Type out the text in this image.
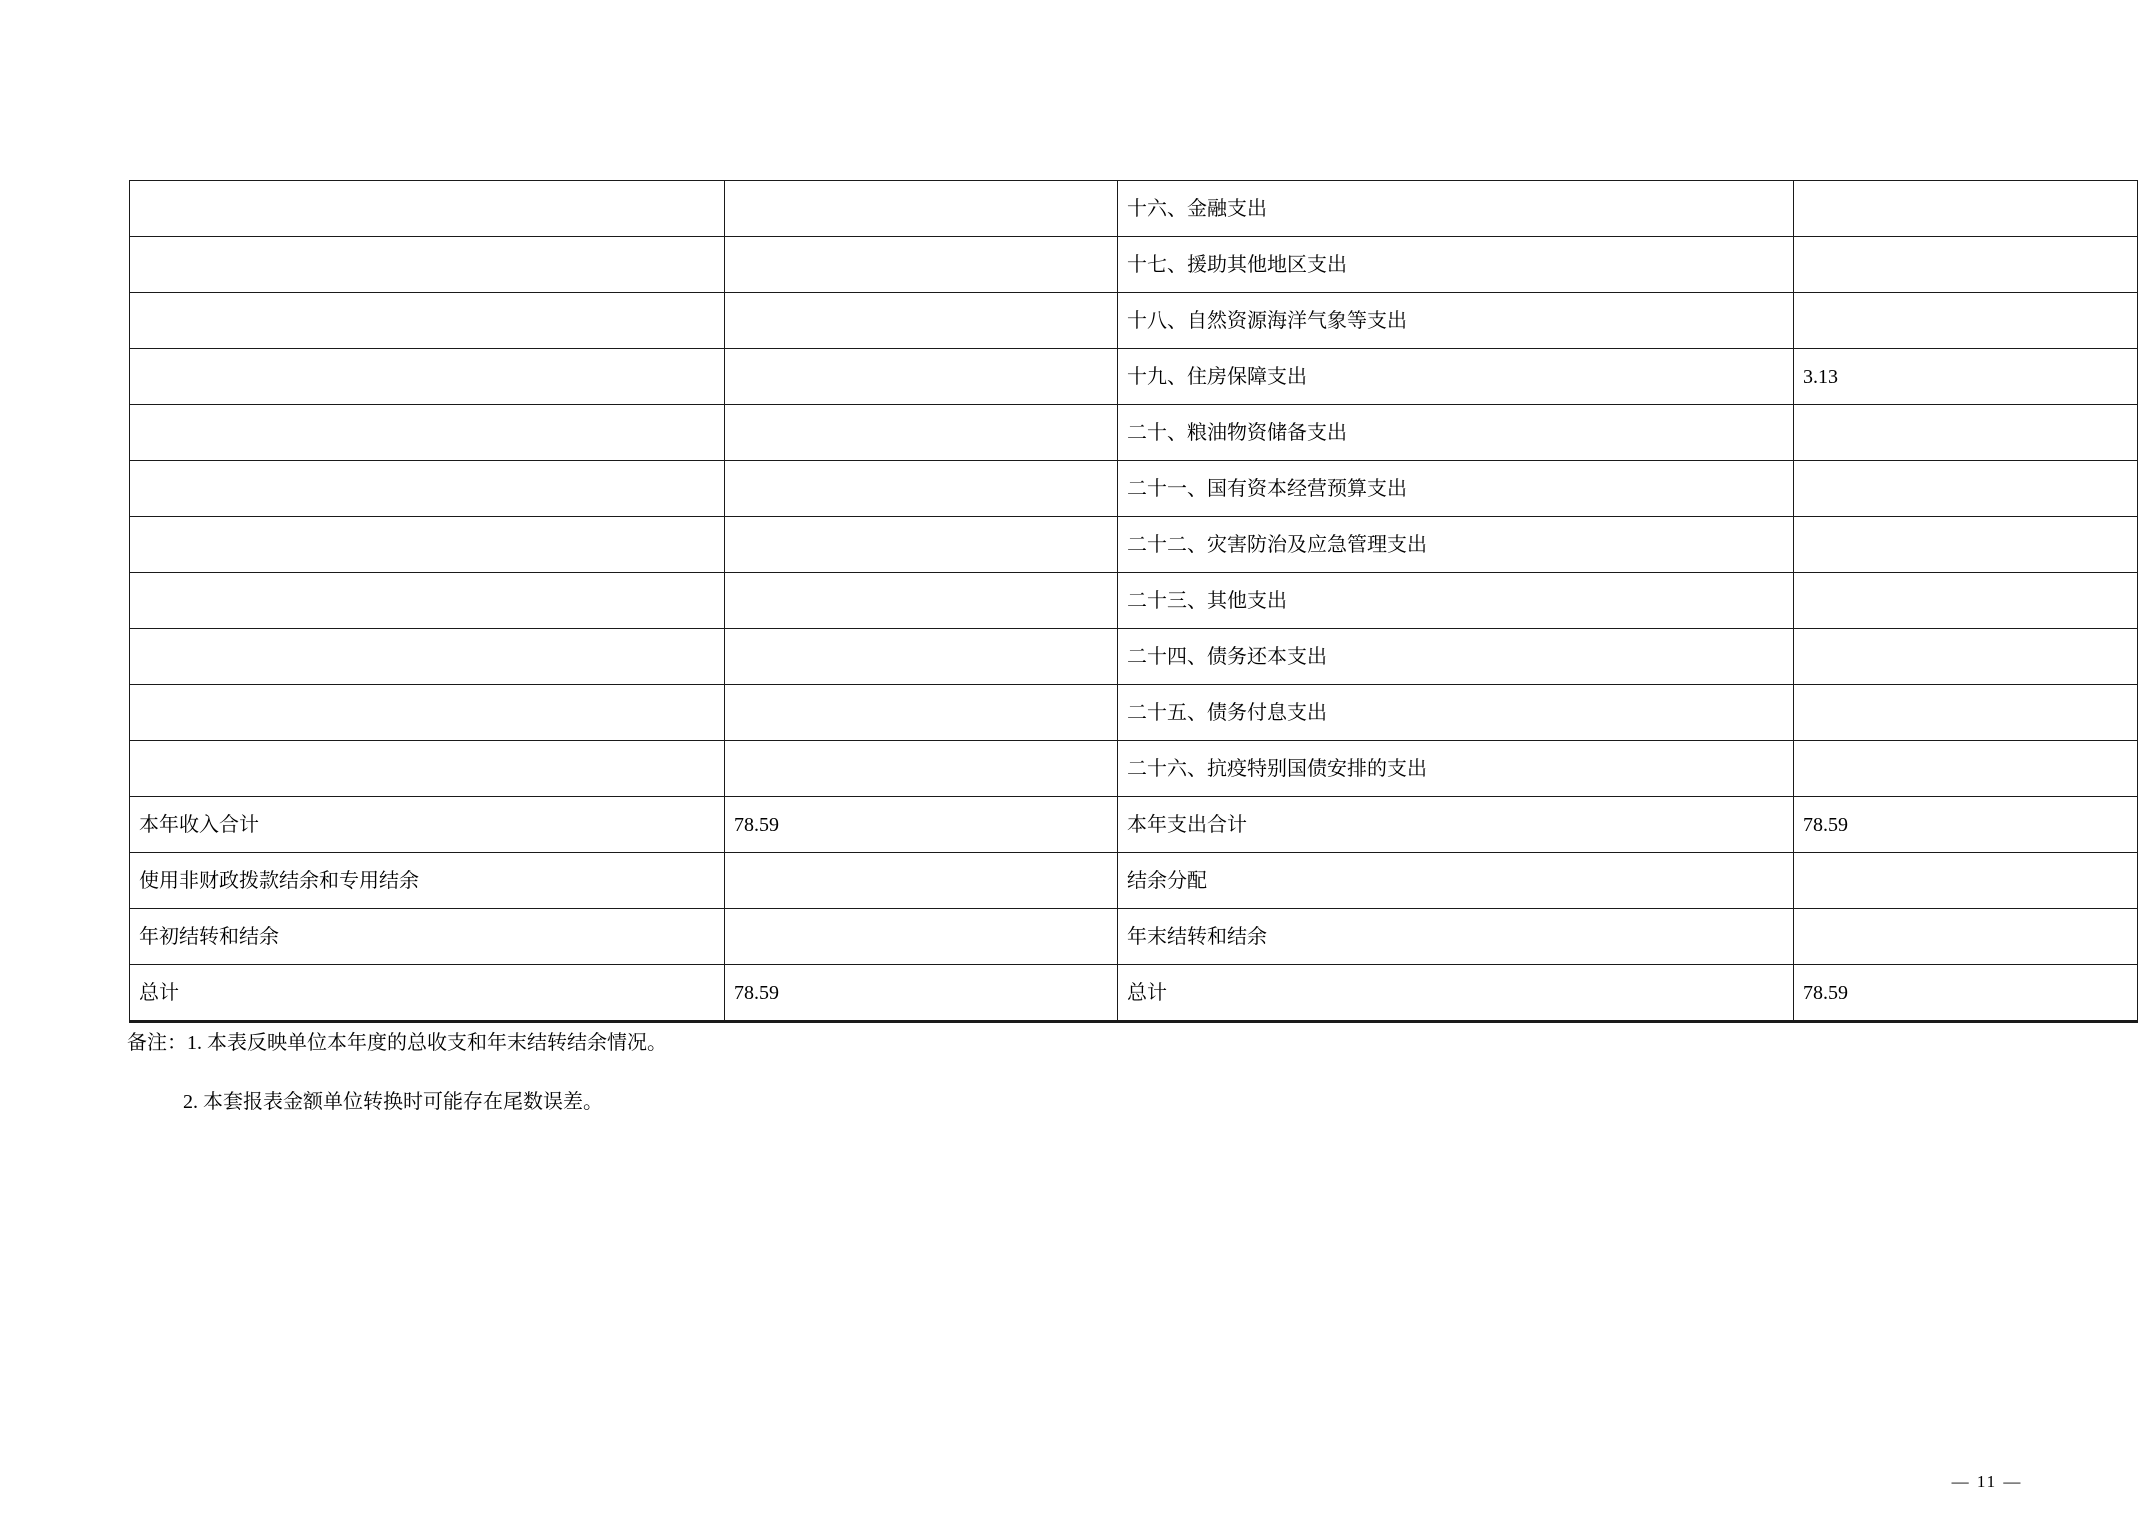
		十六、金融支出	
		十七、援助其他地区支出	
		十八、自然资源海洋气象等支出	
		十九、住房保障支出	3.13
		二十、粮油物资储备支出	
		二十一、国有资本经营预算支出	
		二十二、灾害防治及应急管理支出	
		二十三、其他支出	
		二十四、债务还本支出	
		二十五、债务付息支出	
		二十六、抗疫特别国债安排的支出	
本年收入合计	78.59	本年支出合计	78.59
使用非财政拨款结余和专用结余		结余分配	
年初结转和结余		年末结转和结余	
总计	78.59	总计	78.59
备注：1. 本表反映单位本年度的总收支和年末结转结余情况。
2. 本套报表金额单位转换时可能存在尾数误差。
— 11 —
